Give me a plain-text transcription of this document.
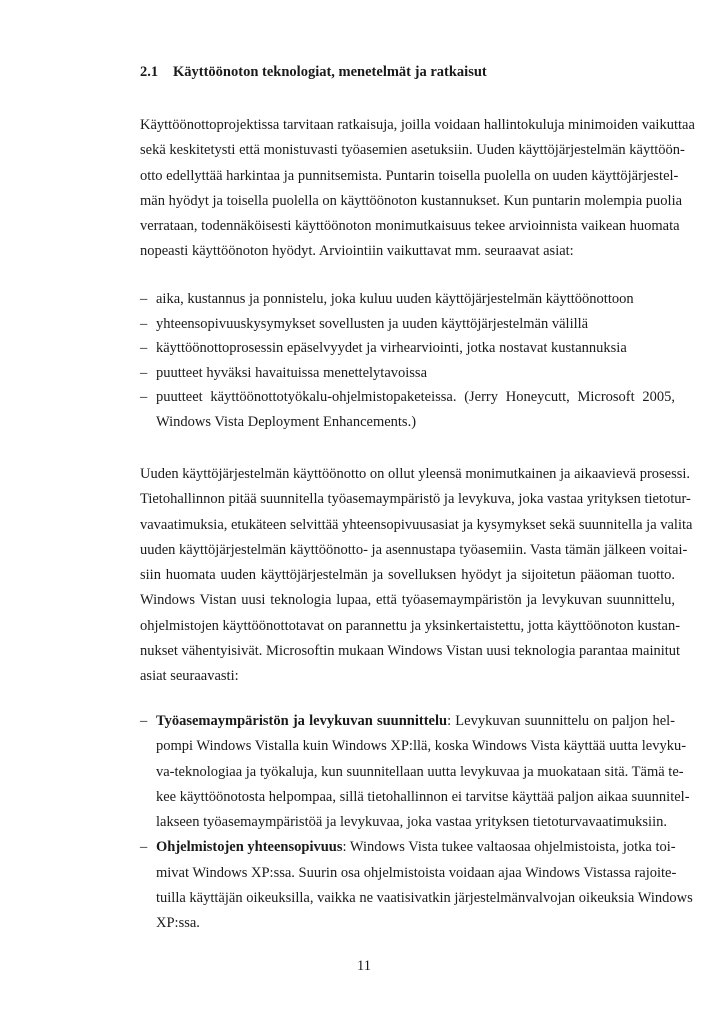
2.1 Käyttöönoton teknologiat, menetelmät ja ratkaisut
Käyttöönottoprojektissa tarvitaan ratkaisuja, joilla voidaan hallintokuluja minimoiden vaikuttaa
sekä keskitetysti että monistuvasti työasemien asetuksiin. Uuden käyttöjärjestelmän käyttöön-
otto edellyttää harkintaa ja punnitsemista. Puntarin toisella puolella on uuden käyttöjärjestel-
män hyödyt ja toisella puolella on käyttöönoton kustannukset. Kun puntarin molempia puolia
verrataan, todennäköisesti käyttöönoton monimutkaisuus tekee arvioinnista vaikean huomata
nopeasti käyttöönoton hyödyt. Arviointiin vaikuttavat mm. seuraavat asiat:
– aika, kustannus ja ponnistelu, joka kuluu uuden käyttöjärjestelmän käyttöönottoon
– yhteensopivuuskysymykset sovellusten ja uuden käyttöjärjestelmän välillä
– käyttöönottoprosessin epäselvyydet ja virhearviointi, jotka nostavat kustannuksia
– puutteet hyväksi havaituissa menettelytavoissa
– puutteet käyttöönottotyökalu-ohjelmistopaketeissa. (Jerry Honeycutt, Microsoft 2005,
Windows Vista Deployment Enhancements.)
Uuden käyttöjärjestelmän käyttöönotto on ollut yleensä monimutkainen ja aikaavievä prosessi.
Tietohallinnon pitää suunnitella työasemaympäristö ja levykuva, joka vastaa yrityksen tietotur-
vavaatimuksia, etukäteen selvittää yhteensopivuusasiat ja kysymykset sekä suunnitella ja valita
uuden käyttöjärjestelmän käyttöönotto- ja asennustapa työasemiin. Vasta tämän jälkeen voitai-
siin huomata uuden käyttöjärjestelmän ja sovelluksen hyödyt ja sijoitetun pääoman tuotto.
Windows Vistan uusi teknologia lupaa, että työasemaympäristön ja levykuvan suunnittelu,
ohjelmistojen käyttöönottotavat on parannettu ja yksinkertaistettu, jotta käyttöönoton kustan-
nukset vähentyisivät. Microsoftin mukaan Windows Vistan uusi teknologia parantaa mainitut
asiat seuraavasti:
– Työasemaympäristön ja levykuvan suunnittelu: Levykuvan suunnittelu on paljon hel-
pompi Windows Vistalla kuin Windows XP:llä, koska Windows Vista käyttää uutta levyku-
va-teknologiaa ja työkaluja, kun suunnitellaan uutta levykuvaa ja muokataan sitä. Tämä te-
kee käyttöönotosta helpompaa, sillä tietohallinnon ei tarvitse käyttää paljon aikaa suunnitel-
lakseen työasemaympäristöä ja levykuvaa, joka vastaa yrityksen tietoturvavaatimuksiin.
– Ohjelmistojen yhteensopivuus: Windows Vista tukee valtaosaa ohjelmistoista, jotka toi-
mivat Windows XP:ssa. Suurin osa ohjelmistoista voidaan ajaa Windows Vistassa rajoite-
tuilla käyttäjän oikeuksilla, vaikka ne vaatisivatkin järjestelmänvalvojan oikeuksia Windows
XP:ssa.
11
